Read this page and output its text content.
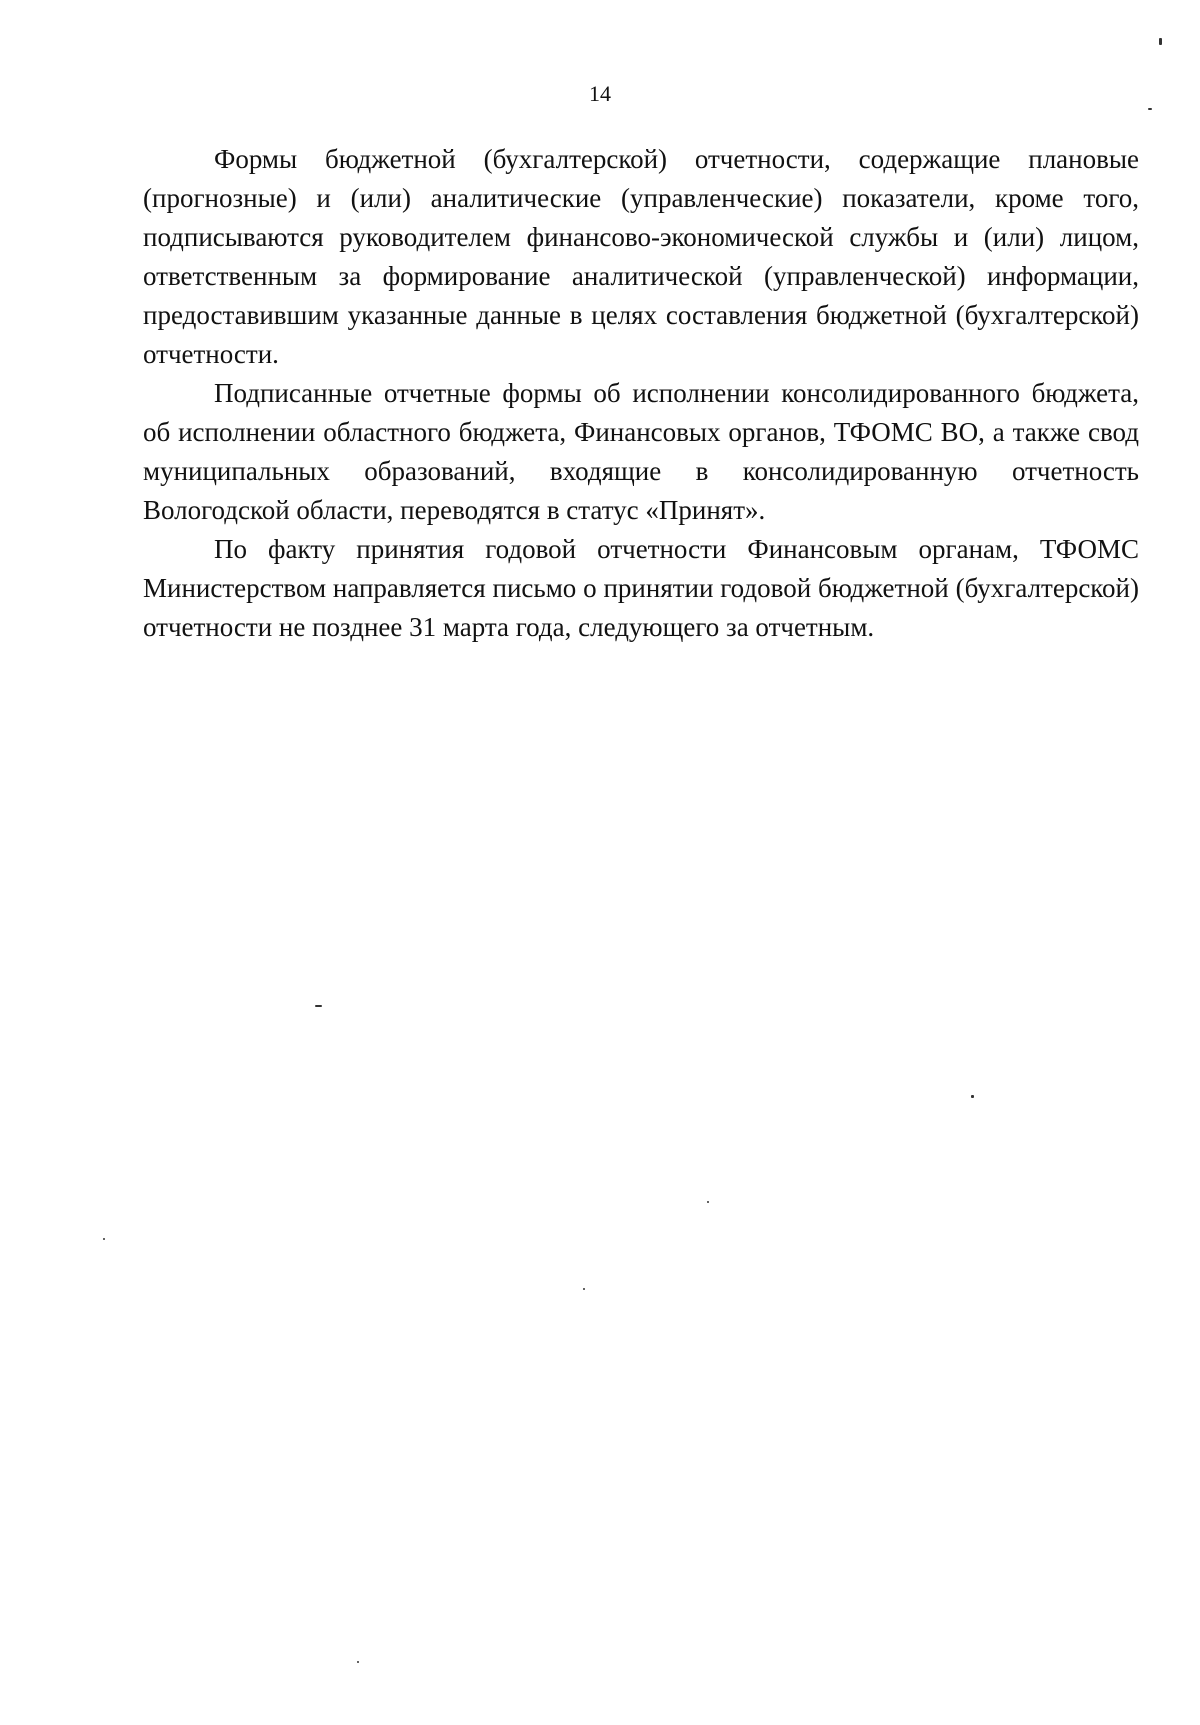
14

Формы бюджетной (бухгалтерской) отчетности, содержащие плановые (прогнозные) и (или) аналитические (управленческие) показатели, кроме того, подписываются руководителем финансово-экономической службы и (или) лицом, ответственным за формирование аналитической (управленческой) информации, предоставившим указанные данные в целях составления бюджетной (бухгалтерской) отчетности.

Подписанные отчетные формы об исполнении консолидированного бюджета, об исполнении областного бюджета, Финансовых органов, ТФОМС ВО, а также свод муниципальных образований, входящие в консолидированную отчетность Вологодской области, переводятся в статус «Принят».

По факту принятия годовой отчетности Финансовым органам, ТФОМС Министерством направляется письмо о принятии годовой бюджетной (бухгалтерской) отчетности не позднее 31 марта года, следующего за отчетным.
